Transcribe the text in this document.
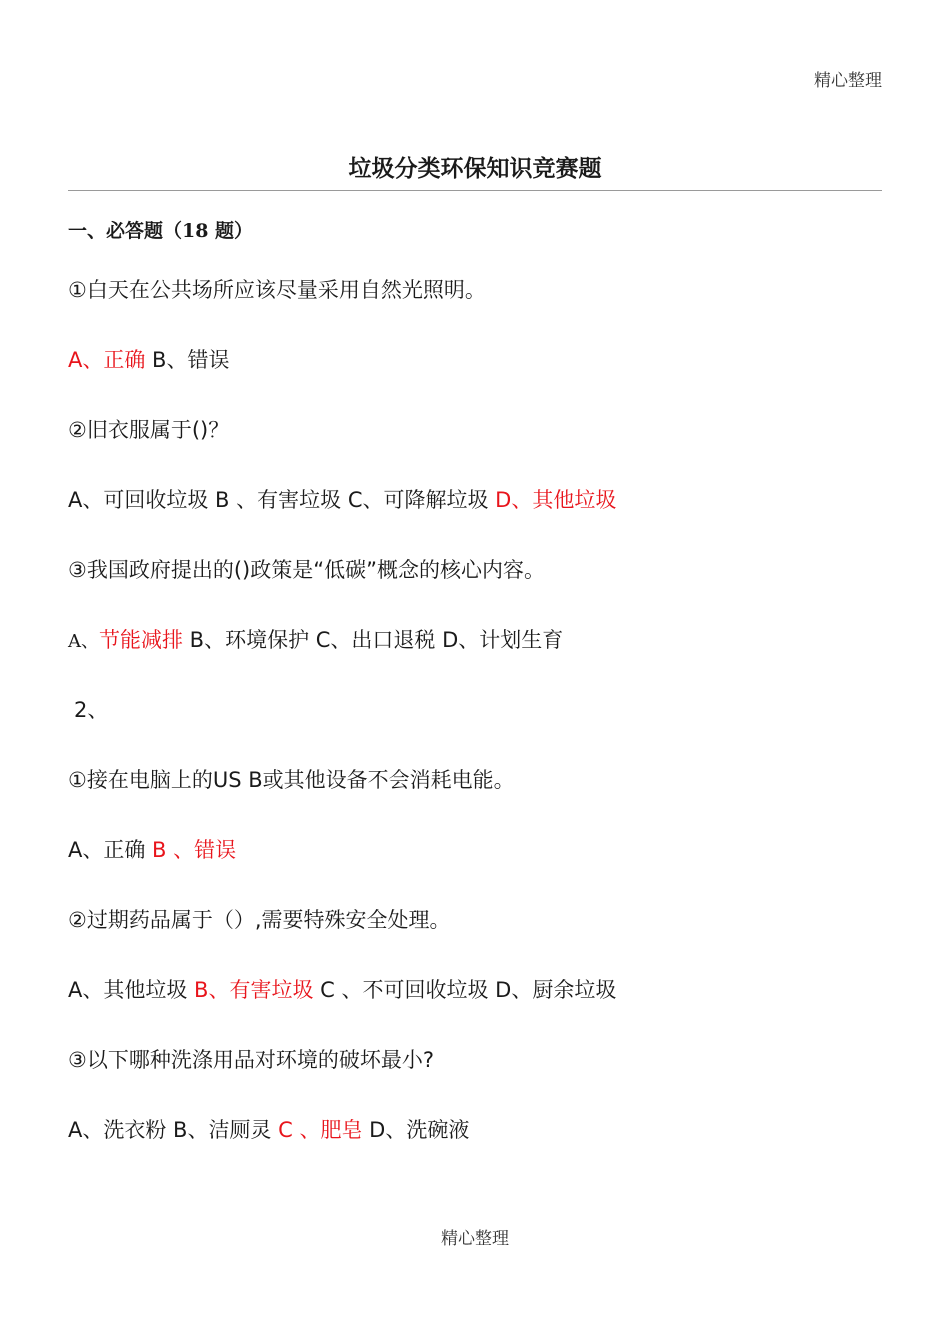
精心整理
垃圾分类环保知识竞赛题
一、必答题（18 题）
①白天在公共场所应该尽量采用自然光照明。
A、正确 B、错误
②旧衣服属于()？
A、可回收垃圾 B 、有害垃圾 C、可降解垃圾 D、其他垃圾
③我国政府提出的()政策是“低碳”概念的核心内容。
A、节能减排 B、环境保护 C、出口退税 D、计划生育
2、
①接在电脑上的US B或其他设备不会消耗电能。
A、正确 B 、错误
②过期药品属于（）,需要特殊安全处理。
A、其他垃圾 B、有害垃圾 C 、不可回收垃圾 D、厨余垃圾
③以下哪种洗涤用品对环境的破坏最小?
A、洗衣粉 B、洁厕灵 C 、肥皂 D、洗碗液
精心整理
